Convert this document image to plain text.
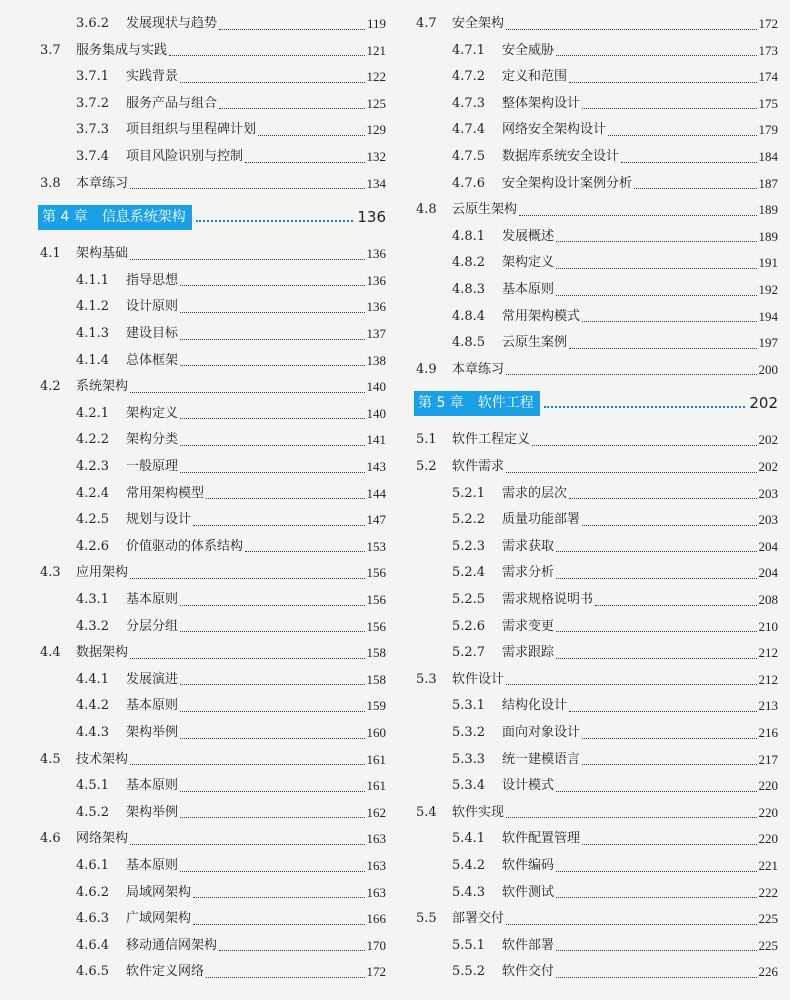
3.6.2	发展现状与趋势	119
3.7 服务集成与实践	121
3.7.1	实践背景	122
3.7.2	服务产品与组合	125
3.7.3	项目组织与里程碑计划	129
3.7.4	项目风险识别与控制	132
3.8 本章练习	134
第 4 章 信息系统架构	136
4.1 架构基础	136
4.1.1	指导思想	136
4.1.2	设计原则	136
4.1.3	建设目标	137
4.1.4	总体框架	138
4.2 系统架构	140
4.2.1	架构定义	140
4.2.2	架构分类	141
4.2.3	一般原理	143
4.2.4	常用架构模型	144
4.2.5	规划与设计	147
4.2.6	价值驱动的体系结构	153
4.3 应用架构	156
4.3.1	基本原则	156
4.3.2	分层分组	156
4.4 数据架构	158
4.4.1	发展演进	158
4.4.2	基本原则	159
4.4.3	架构举例	160
4.5 技术架构	161
4.5.1	基本原则	161
4.5.2	架构举例	162
4.6 网络架构	163
4.6.1	基本原则	163
4.6.2	局域网架构	163
4.6.3	广域网架构	166
4.6.4	移动通信网架构	170
4.6.5	软件定义网络	172
4.7 安全架构	172
4.7.1	安全威胁	173
4.7.2	定义和范围	174
4.7.3	整体架构设计	175
4.7.4	网络安全架构设计	179
4.7.5	数据库系统安全设计	184
4.7.6	安全架构设计案例分析	187
4.8 云原生架构	189
4.8.1	发展概述	189
4.8.2	架构定义	191
4.8.3	基本原则	192
4.8.4	常用架构模式	194
4.8.5	云原生案例	197
4.9 本章练习	200
第 5 章 软件工程	202
5.1 软件工程定义	202
5.2 软件需求	202
5.2.1	需求的层次	203
5.2.2	质量功能部署	203
5.2.3	需求获取	204
5.2.4	需求分析	204
5.2.5	需求规格说明书	208
5.2.6	需求变更	210
5.2.7	需求跟踪	212
5.3 软件设计	212
5.3.1	结构化设计	213
5.3.2	面向对象设计	216
5.3.3	统一建模语言	217
5.3.4	设计模式	220
5.4 软件实现	220
5.4.1	软件配置管理	220
5.4.2	软件编码	221
5.4.3	软件测试	222
5.5 部署交付	225
5.5.1	软件部署	225
5.5.2	软件交付	226
